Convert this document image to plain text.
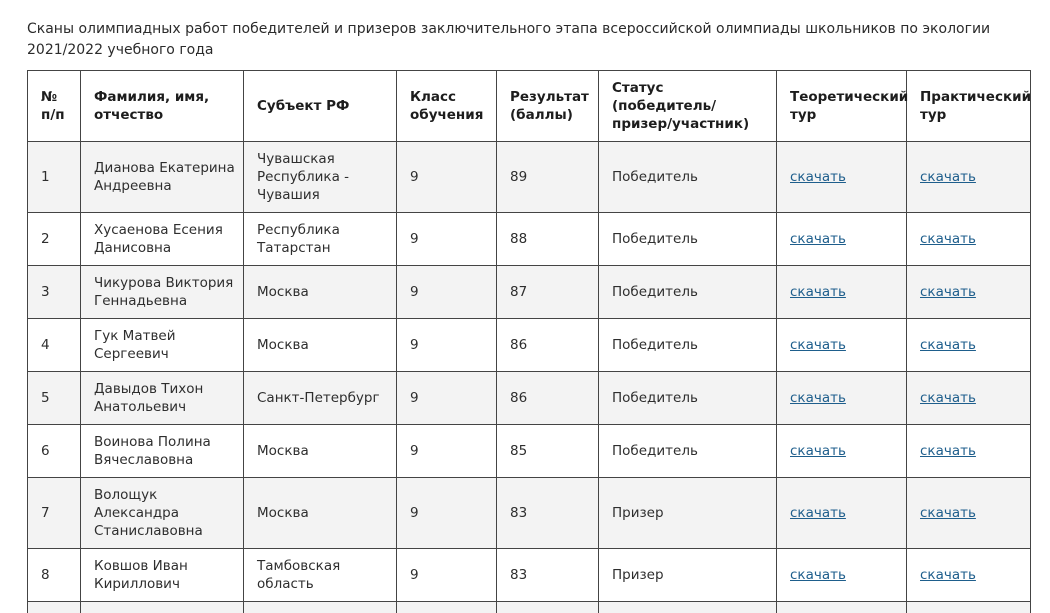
Сканы олимпиадных работ победителей и призеров заключительного этапа всероссийской олимпиады школьников по экологии 2021/2022 учебного года
№ п/п	Фамилия, имя, отчество	Субъект РФ	Класс обучения	Результат (баллы)	Статус (победитель/призер/участник)	Теоретический тур	Практический тур
1	Дианова Екатерина Андреевна	Чувашская Республика - Чувашия	9	89	Победитель	скачать	скачать
2	Хусаенова Есения Данисовна	Республика Татарстан	9	88	Победитель	скачать	скачать
3	Чикурова Виктория Геннадьевна	Москва	9	87	Победитель	скачать	скачать
4	Гук Матвей Сергеевич	Москва	9	86	Победитель	скачать	скачать
5	Давыдов Тихон Анатольевич	Санкт-Петербург	9	86	Победитель	скачать	скачать
6	Воинова Полина Вячеславовна	Москва	9	85	Победитель	скачать	скачать
7	Волощук Александра Станиславовна	Москва	9	83	Призер	скачать	скачать
8	Ковшов Иван Кириллович	Тамбовская область	9	83	Призер	скачать	скачать
